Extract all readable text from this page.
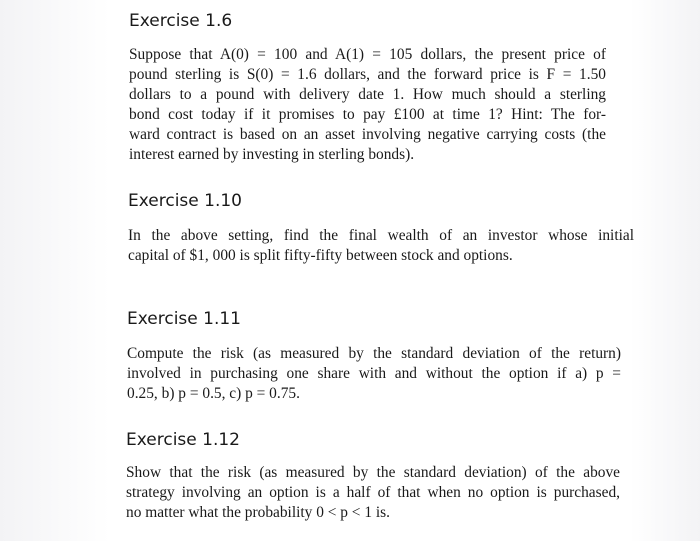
Exercise 1.6
Suppose that A(0) = 100 and A(1) = 105 dollars, the present price of
pound sterling is S(0) = 1.6 dollars, and the forward price is F = 1.50
dollars to a pound with delivery date 1. How much should a sterling
bond cost today if it promises to pay £100 at time 1? Hint: The for-
ward contract is based on an asset involving negative carrying costs (the
interest earned by investing in sterling bonds).
Exercise 1.10
In the above setting, find the final wealth of an investor whose initial
capital of $1, 000 is split fifty-fifty between stock and options.
Exercise 1.11
Compute the risk (as measured by the standard deviation of the return)
involved in purchasing one share with and without the option if a) p =
0.25, b) p = 0.5, c) p = 0.75.
Exercise 1.12
Show that the risk (as measured by the standard deviation) of the above
strategy involving an option is a half of that when no option is purchased,
no matter what the probability 0 < p < 1 is.
